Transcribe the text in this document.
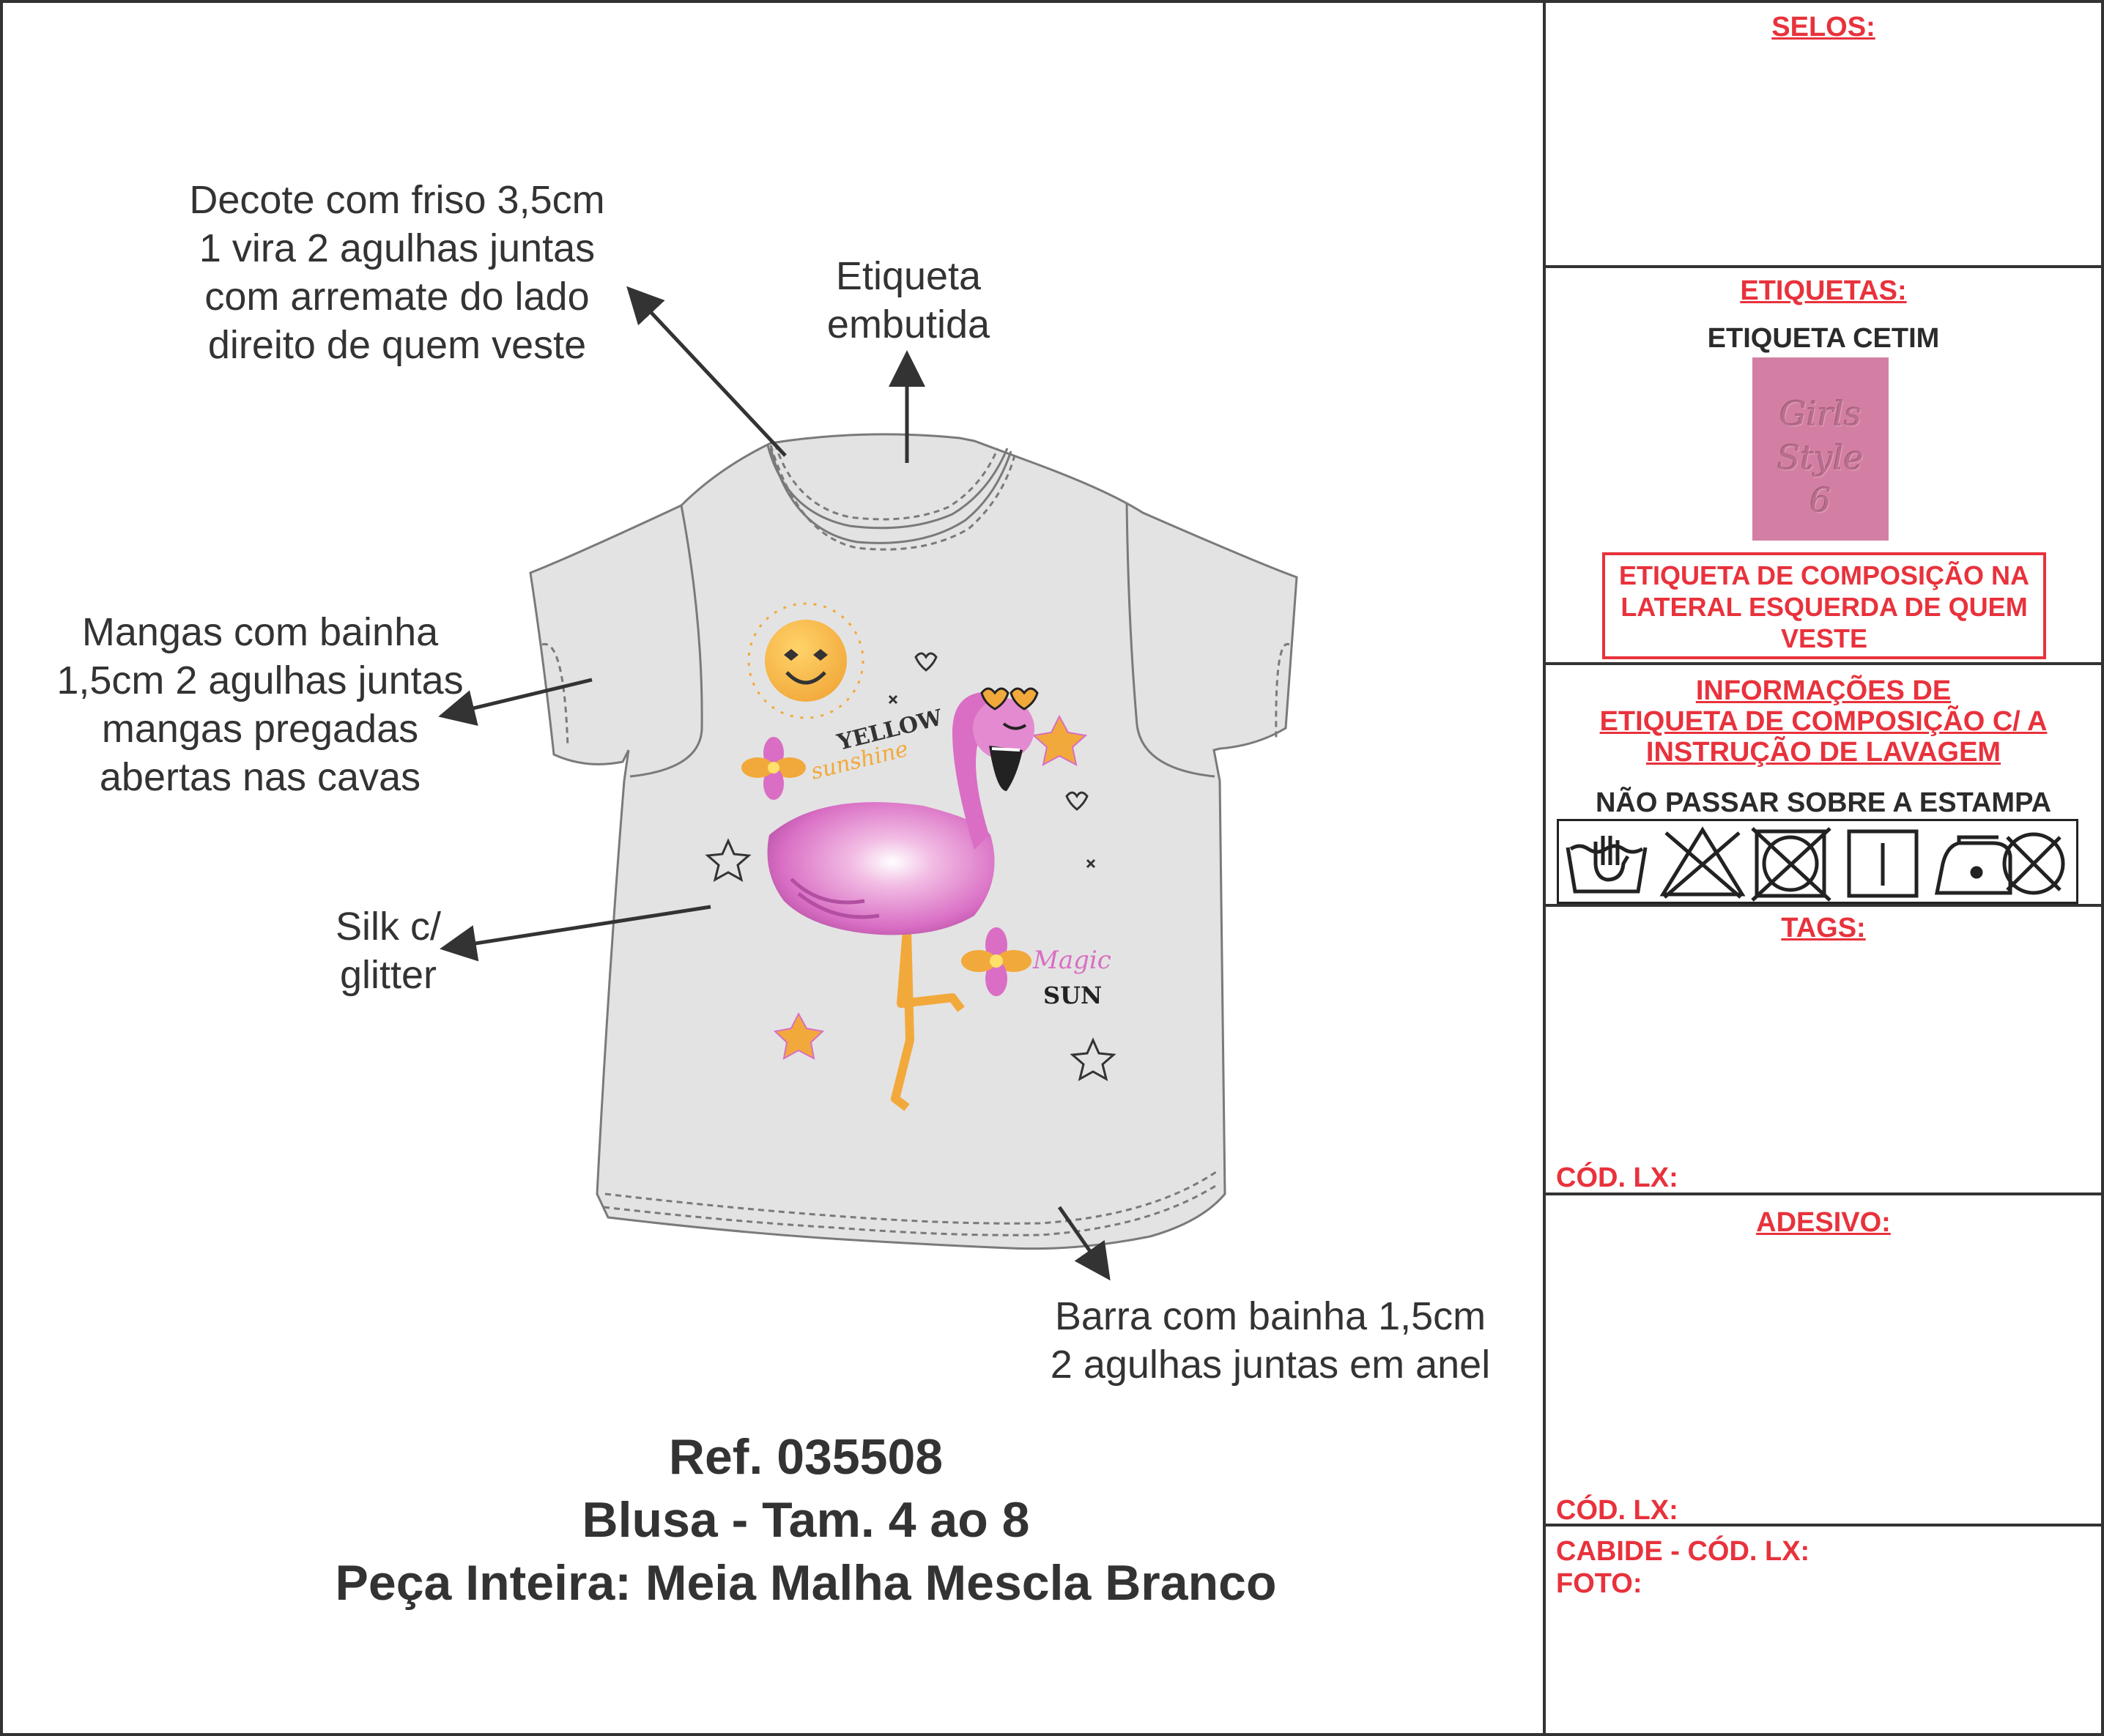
SELOS:
ETIQUETAS:
ETIQUETA CETIM
Girls
Style
6
ETIQUETA DE COMPOSIÇÃO NA
LATERAL ESQUERDA DE QUEM
VESTE
INFORMAÇÕES DE
ETIQUETA DE COMPOSIÇÃO C/ A
INSTRUÇÃO DE LAVAGEM
NÃO PASSAR SOBRE A ESTAMPA
TAGS:
CÓD. LX:
ADESIVO:
CÓD. LX:
CABIDE - CÓD. LX:
FOTO:
YELLOW
sunshine
Magic
SUN
Decote com friso 3,5cm
1 vira 2 agulhas juntas
com arremate do lado
direito de quem veste
Etiqueta
embutida
Mangas com bainha
1,5cm 2 agulhas juntas
mangas pregadas
abertas nas cavas
Silk c/
glitter
Barra com bainha 1,5cm
2 agulhas juntas em anel
Ref. 035508
Blusa - Tam. 4 ao 8
Peça Inteira: Meia Malha Mescla Branco
